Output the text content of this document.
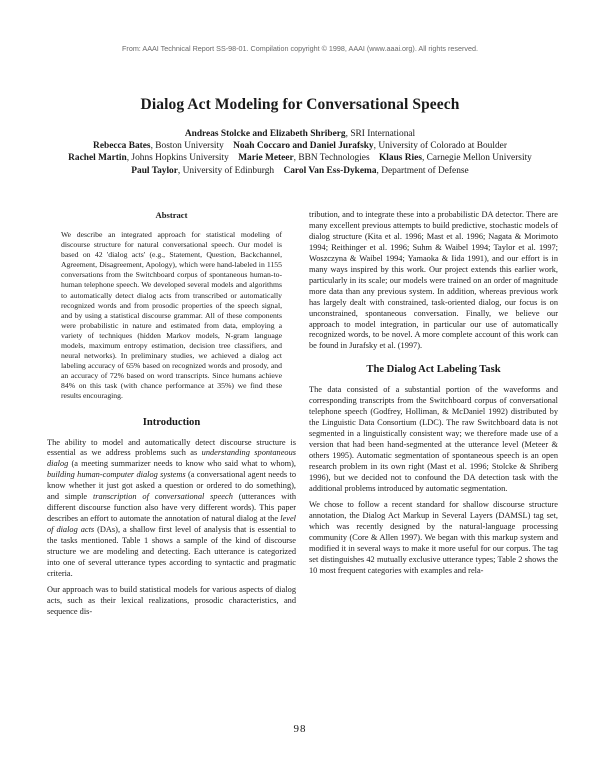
From: AAAI Technical Report SS-98-01. Compilation copyright © 1998, AAAI (www.aaai.org). All rights reserved.
Dialog Act Modeling for Conversational Speech
Andreas Stolcke and Elizabeth Shriberg, SRI International
Rebecca Bates, Boston University  Noah Coccaro and Daniel Jurafsky, University of Colorado at Boulder
Rachel Martin, Johns Hopkins University  Marie Meteer, BBN Technologies  Klaus Ries, Carnegie Mellon University
Paul Taylor, University of Edinburgh  Carol Van Ess-Dykema, Department of Defense
Abstract
We describe an integrated approach for statistical modeling of discourse structure for natural conversational speech. Our model is based on 42 'dialog acts' (e.g., Statement, Question, Backchannel, Agreement, Disagreement, Apology), which were hand-labeled in 1155 conversations from the Switchboard corpus of spontaneous human-to-human telephone speech. We developed several models and algorithms to automatically detect dialog acts from transcribed or automatically recognized words and from prosodic properties of the speech signal, and by using a statistical discourse grammar. All of these components were probabilistic in nature and estimated from data, employing a variety of techniques (hidden Markov models, N-gram language models, maximum entropy estimation, decision tree classifiers, and neural networks). In preliminary studies, we achieved a dialog act labeling accuracy of 65% based on recognized words and prosody, and an accuracy of 72% based on word transcripts. Since humans achieve 84% on this task (with chance performance at 35%) we find these results encouraging.
Introduction

The ability to model and automatically detect discourse structure is essential as we address problems such as understanding spontaneous dialog (a meeting summarizer needs to know who said what to whom), building human-computer dialog systems (a conversational agent needs to know whether it just got asked a question or ordered to do something), and simple transcription of conversational speech (utterances with different discourse function also have very different words). This paper describes an effort to automate the annotation of natural dialog at the level of dialog acts (DAs), a shallow first level of analysis that is essential to the tasks mentioned. Table 1 shows a sample of the kind of discourse structure we are modeling and detecting. Each utterance is categorized into one of several utterance types according to syntactic and pragmatic criteria.

Our approach was to build statistical models for various aspects of dialog acts, such as their lexical realizations, prosodic characteristics, and sequence dis-

tribution, and to integrate these into a probabilistic DA detector. There are many excellent previous attempts to build predictive, stochastic models of dialog structure (Kita et al. 1996; Mast et al. 1996; Nagata & Morimoto 1994; Reithinger et al. 1996; Suhm & Waibel 1994; Taylor et al. 1997; Woszczyna & Waibel 1994; Yamaoka & Iida 1991), and our effort is in many ways inspired by this work. Our project extends this earlier work, particularly in its scale; our models were trained on an order of magnitude more data than any previous system. In addition, whereas previous work has largely dealt with constrained, task-oriented dialog, our focus is on unconstrained, spontaneous conversation. Finally, we believe our approach to model integration, in particular our use of automatically recognized words, to be novel. A more complete account of this work can be found in Jurafsky et al. (1997).

The Dialog Act Labeling Task

The data consisted of a substantial portion of the waveforms and corresponding transcripts from the Switchboard corpus of conversational telephone speech (Godfrey, Holliman, & McDaniel 1992) distributed by the Linguistic Data Consortium (LDC). The raw Switchboard data is not segmented in a linguistically consistent way; we therefore made use of a version that had been hand-segmented at the utterance level (Meteer & others 1995). Automatic segmentation of spontaneous speech is an open research problem in its own right (Mast et al. 1996; Stolcke & Shriberg 1996), but we decided not to confound the DA detection task with the additional problems introduced by automatic segmentation.

We chose to follow a recent standard for shallow discourse structure annotation, the Dialog Act Markup in Several Layers (DAMSL) tag set, which was recently designed by the natural-language processing community (Core & Allen 1997). We began with this markup system and modified it in several ways to make it more useful for our corpus. The tag set distinguishes 42 mutually exclusive utterance types; Table 2 shows the 10 most frequent categories with examples and rela-

98
